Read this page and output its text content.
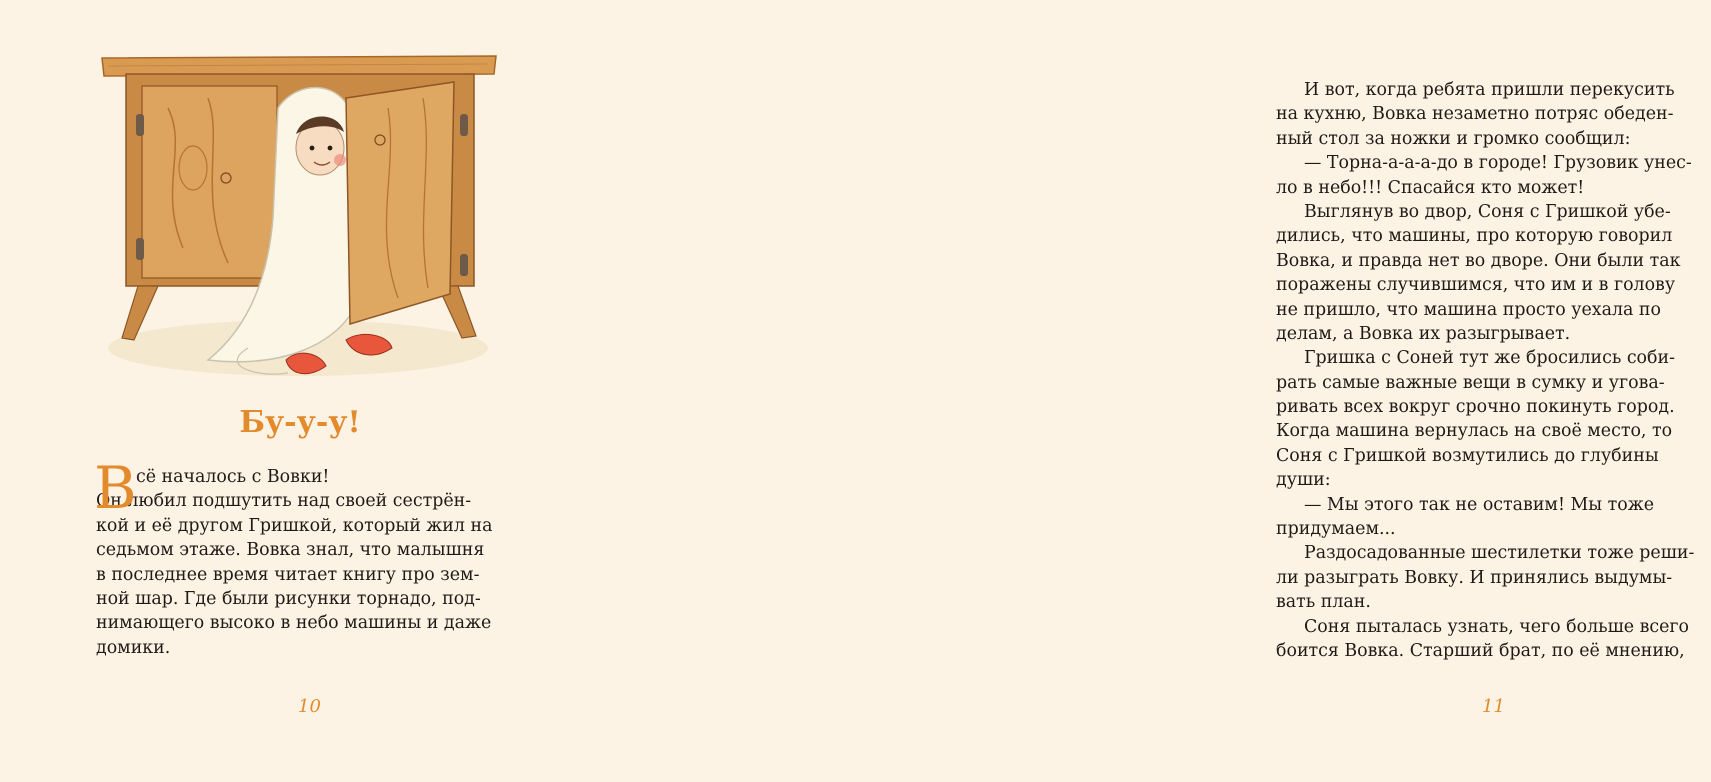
Бу-у-у!
В сё началось с Вовки!
Он любил подшутить над своей сестрён-
кой и её другом Гришкой, который жил на
седьмом этаже. Вовка знал, что малышня
в последнее время читает книгу про зем-
ной шар. Где были рисунки торнадо, под-
нимающего высоко в небо машины и даже
домики.
10
И вот, когда ребята пришли перекусить
на кухню, Вовка незаметно потряс обеден-
ный стол за ножки и громко сообщил:
— Торна-а-а-а-до в городе! Грузовик унес-
ло в небо!!! Спасайся кто может!
Выглянув во двор, Соня с Гришкой убе-
дились, что машины, про которую говорил
Вовка, и правда нет во дворе. Они были так
поражены случившимся, что им и в голову
не пришло, что машина просто уехала по
делам, а Вовка их разыгрывает.
Гришка с Соней тут же бросились соби-
рать самые важные вещи в сумку и угова-
ривать всех вокруг срочно покинуть город.
Когда машина вернулась на своё место, то
Соня с Гришкой возмутились до глубины
души:
— Мы этого так не оставим! Мы тоже
придумаем...
Раздосадованные шестилетки тоже реши-
ли разыграть Вовку. И принялись выдумы-
вать план.
Соня пыталась узнать, чего больше всего
боится Вовка. Старший брат, по её мнению,
11
